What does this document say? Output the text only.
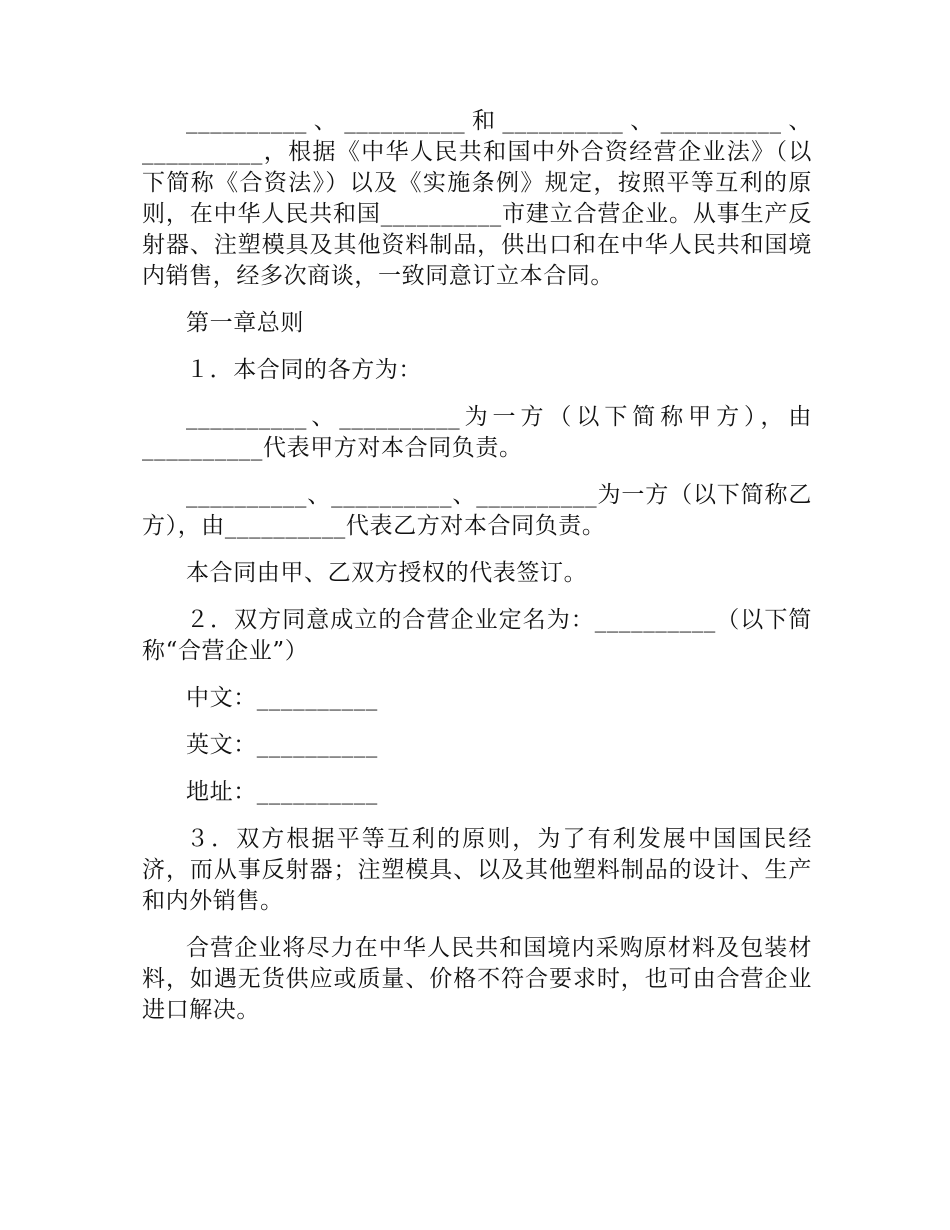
__________、__________和__________、__________、__________，根据《中华人民共和国中外合资经营企业法》（以下简称《合资法》）以及《实施条例》规定，按照平等互利的原则，在中华人民共和国__________市建立合营企业。从事生产反射器、注塑模具及其他资料制品，供出口和在中华人民共和国境内销售，经多次商谈，一致同意订立本合同。

第一章总则

１．本合同的各方为：

__________、__________为一方（以下简称甲方），由__________代表甲方对本合同负责。

__________、__________、__________为一方（以下简称乙方），由__________代表乙方对本合同负责。

本合同由甲、乙双方授权的代表签订。

２．双方同意成立的合营企业定名为：__________（以下简称“合营企业”）

中文：__________

英文：__________

地址：__________

３．双方根据平等互利的原则，为了有利发展中国国民经济，而从事反射器；注塑模具、以及其他塑料制品的设计、生产和内外销售。

合营企业将尽力在中华人民共和国境内采购原材料及包装材料，如遇无货供应或质量、价格不符合要求时，也可由合营企业进口解决。
